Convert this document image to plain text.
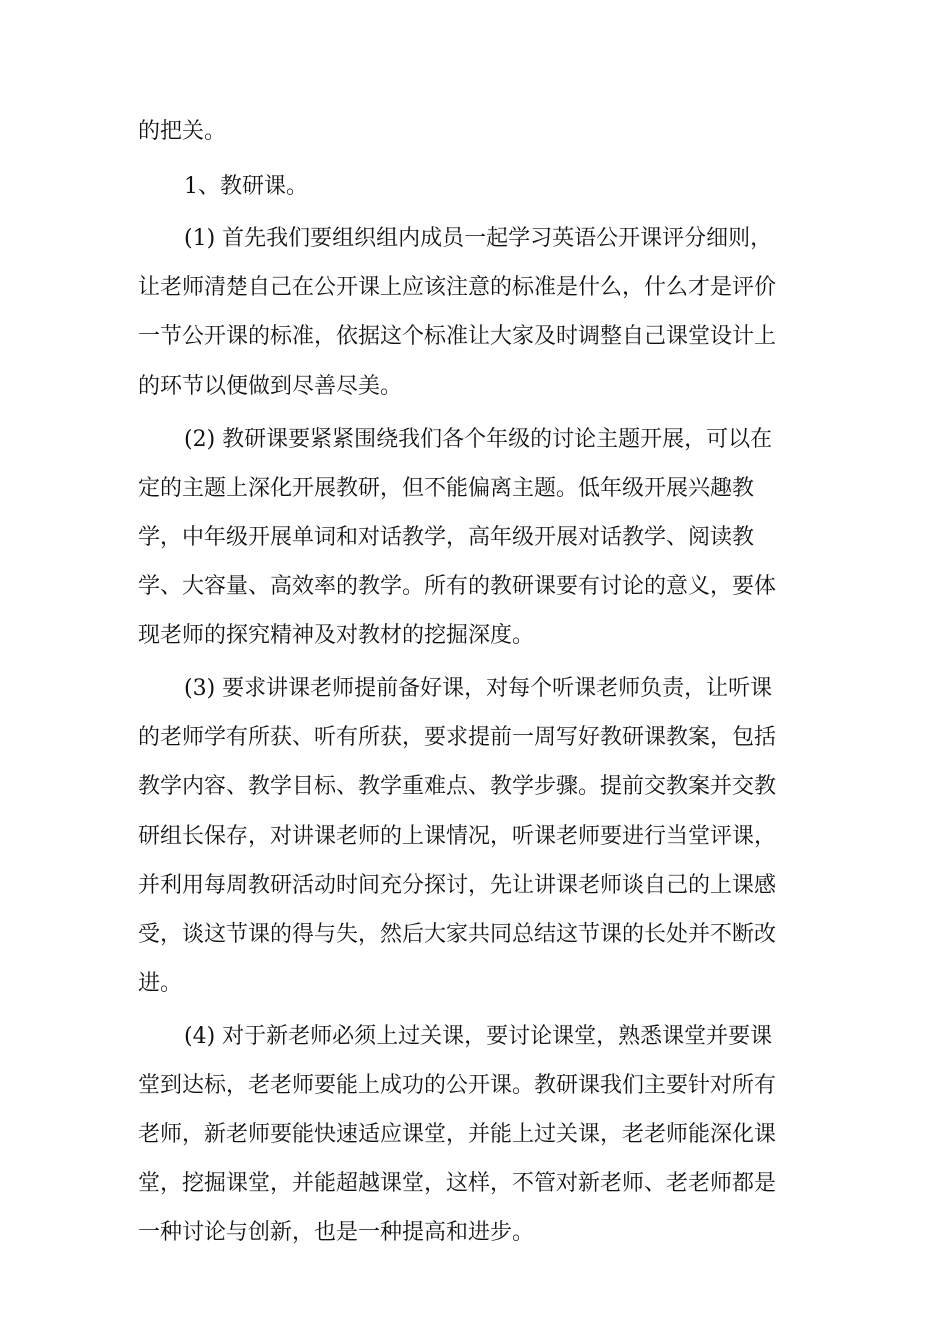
的把关。
1、教研课。
(1) 首先我们要组织组内成员一起学习英语公开课评分细则，
让老师清楚自己在公开课上应该注意的标准是什么，什么才是评价
一节公开课的标准，依据这个标准让大家及时调整自己课堂设计上
的环节以便做到尽善尽美。
(2) 教研课要紧紧围绕我们各个年级的讨论主题开展，可以在
定的主题上深化开展教研，但不能偏离主题。低年级开展兴趣教
学，中年级开展单词和对话教学，高年级开展对话教学、阅读教
学、大容量、高效率的教学。所有的教研课要有讨论的意义，要体
现老师的探究精神及对教材的挖掘深度。
(3) 要求讲课老师提前备好课，对每个听课老师负责，让听课
的老师学有所获、听有所获，要求提前一周写好教研课教案，包括
教学内容、教学目标、教学重难点、教学步骤。提前交教案并交教
研组长保存，对讲课老师的上课情况，听课老师要进行当堂评课，
并利用每周教研活动时间充分探讨，先让讲课老师谈自己的上课感
受，谈这节课的得与失，然后大家共同总结这节课的长处并不断改
进。
(4) 对于新老师必须上过关课，要讨论课堂，熟悉课堂并要课
堂到达标，老老师要能上成功的公开课。教研课我们主要针对所有
老师，新老师要能快速适应课堂，并能上过关课，老老师能深化课
堂，挖掘课堂，并能超越课堂，这样，不管对新老师、老老师都是
一种讨论与创新，也是一种提高和进步。
